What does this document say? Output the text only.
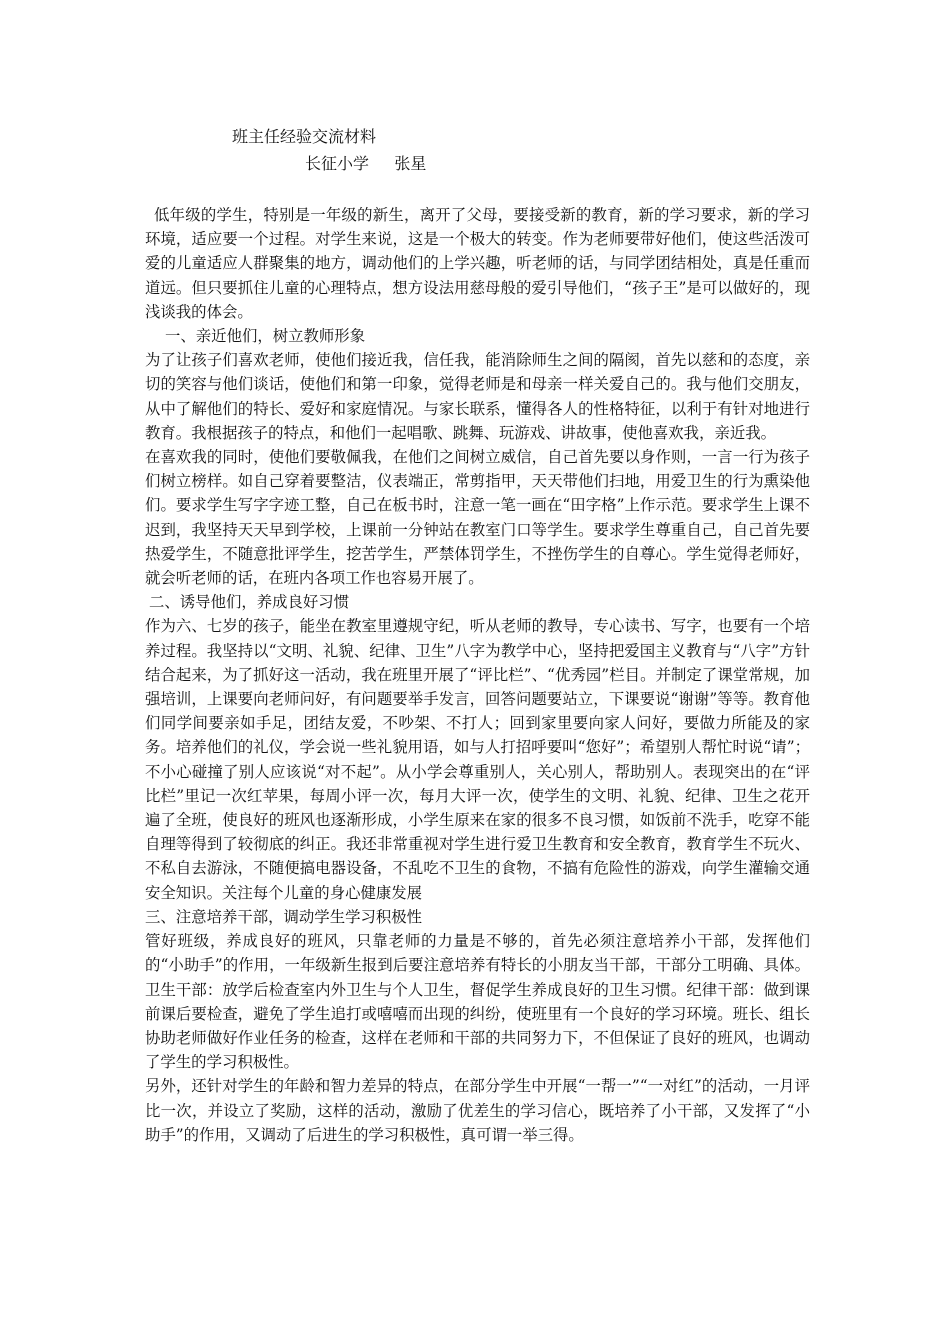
班主任经验交流材料
长征小学     张星

低年级的学生，特别是一年级的新生，离开了父母，要接受新的教育，新的学习要求，新的学习环境，适应要一个过程。对学生来说，这是一个极大的转变。作为老师要带好他们，使这些活泼可爱的儿童适应人群聚集的地方，调动他们的上学兴趣，听老师的话，与同学团结相处，真是任重而道远。但只要抓住儿童的心理特点，想方设法用慈母般的爱引导他们，“孩子王”是可以做好的，现浅谈我的体会。

一、亲近他们，树立教师形象

为了让孩子们喜欢老师，使他们接近我，信任我，能消除师生之间的隔阂，首先以慈和的态度，亲切的笑容与他们谈话，使他们和第一印象，觉得老师是和母亲一样关爱自己的。我与他们交朋友，从中了解他们的特长、爱好和家庭情况。与家长联系，懂得各人的性格特征，以利于有针对地进行教育。我根据孩子的特点，和他们一起唱歌、跳舞、玩游戏、讲故事，使他喜欢我，亲近我。

在喜欢我的同时，使他们要敬佩我，在他们之间树立威信，自己首先要以身作则，一言一行为孩子们树立榜样。如自己穿着要整洁，仪表端正，常剪指甲，天天带他们扫地，用爱卫生的行为熏染他们。要求学生写字字迹工整，自己在板书时，注意一笔一画在“田字格”上作示范。要求学生上课不迟到，我坚持天天早到学校，上课前一分钟站在教室门口等学生。要求学生尊重自己，自己首先要热爱学生，不随意批评学生，挖苦学生，严禁体罚学生，不挫伤学生的自尊心。学生觉得老师好，就会听老师的话，在班内各项工作也容易开展了。

二、诱导他们，养成良好习惯

作为六、七岁的孩子，能坐在教室里遵规守纪，听从老师的教导，专心读书、写字，也要有一个培养过程。我坚持以“文明、礼貌、纪律、卫生”八字为教学中心，坚持把爱国主义教育与“八字”方针结合起来，为了抓好这一活动，我在班里开展了“评比栏”、“优秀园”栏目。并制定了课堂常规，加强培训，上课要向老师问好，有问题要举手发言，回答问题要站立，下课要说“谢谢”等等。教育他们同学间要亲如手足，团结友爱，不吵架、不打人；回到家里要向家人问好，要做力所能及的家务。培养他们的礼仪，学会说一些礼貌用语，如与人打招呼要叫“您好”；希望别人帮忙时说“请”；不小心碰撞了别人应该说“对不起”。从小学会尊重别人，关心别人，帮助别人。表现突出的在“评比栏”里记一次红苹果，每周小评一次，每月大评一次，使学生的文明、礼貌、纪律、卫生之花开遍了全班，使良好的班风也逐渐形成，小学生原来在家的很多不良习惯，如饭前不洗手，吃穿不能自理等得到了较彻底的纠正。我还非常重视对学生进行爱卫生教育和安全教育，教育学生不玩火、不私自去游泳，不随便搞电器设备，不乱吃不卫生的食物，不搞有危险性的游戏，向学生灌输交通安全知识。关注每个儿童的身心健康发展

三、注意培养干部，调动学生学习积极性

管好班级，养成良好的班风，只靠老师的力量是不够的，首先必须注意培养小干部，发挥他们的“小助手”的作用，一年级新生报到后要注意培养有特长的小朋友当干部，干部分工明确、具体。卫生干部：放学后检查室内外卫生与个人卫生，督促学生养成良好的卫生习惯。纪律干部：做到课前课后要检查，避免了学生追打或嘻嘻而出现的纠纷，使班里有一个良好的学习环境。班长、组长协助老师做好作业任务的检查，这样在老师和干部的共同努力下，不但保证了良好的班风，也调动了学生的学习积极性。

另外，还针对学生的年龄和智力差异的特点，在部分学生中开展“一帮一”“一对红”的活动，一月评比一次，并设立了奖励，这样的活动，激励了优差生的学习信心，既培养了小干部，又发挥了“小助手”的作用，又调动了后进生的学习积极性，真可谓一举三得。
